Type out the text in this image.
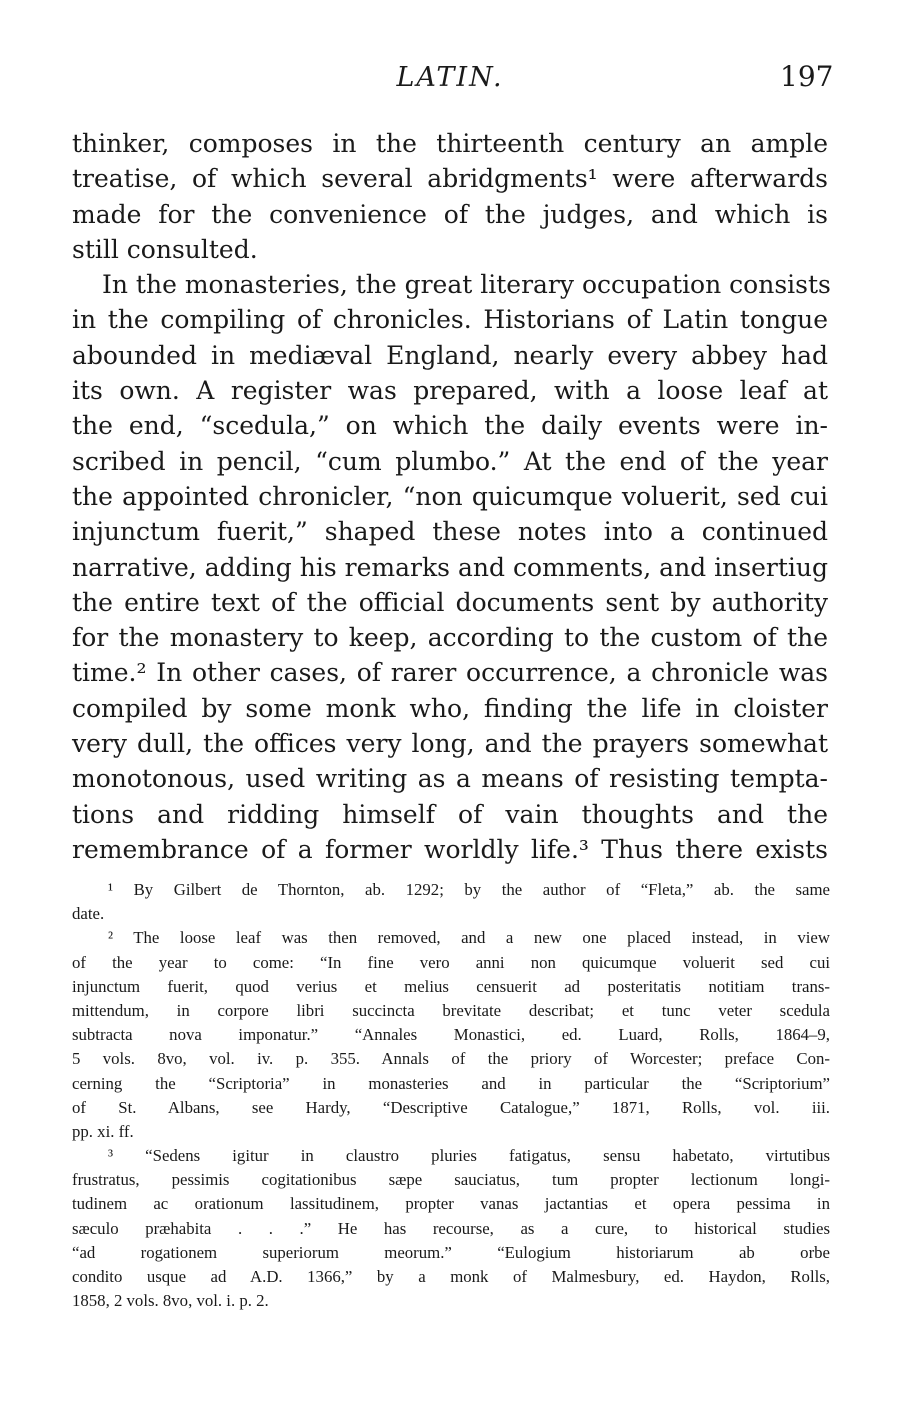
LATIN.	197
thinker, composes in the thirteenth century an ample
treatise, of which several abridgments¹ were afterwards
made for the convenience of the judges, and which is
still consulted.
In the monasteries, the great literary occupation consists
in the compiling of chronicles. Historians of Latin tongue
abounded in mediæval England, nearly every abbey had
its own. A register was prepared, with a loose leaf at
the end, “scedula,” on which the daily events were in-
scribed in pencil, “cum plumbo.” At the end of the year
the appointed chronicler, “non quicumque voluerit, sed cui
injunctum fuerit,” shaped these notes into a continued
narrative, adding his remarks and comments, and insertiug
the entire text of the official documents sent by authority
for the monastery to keep, according to the custom of the
time.² In other cases, of rarer occurrence, a chronicle was
compiled by some monk who, finding the life in cloister
very dull, the offices very long, and the prayers somewhat
monotonous, used writing as a means of resisting tempta-
tions and ridding himself of vain thoughts and the
remembrance of a former worldly life.³ Thus there exists
¹ By Gilbert de Thornton, ab. 1292; by the author of “Fleta,” ab. the same
date.
² The loose leaf was then removed, and a new one placed instead, in view
of the year to come: “In fine vero anni non quicumque voluerit sed cui
injunctum fuerit, quod verius et melius censuerit ad posteritatis notitiam trans-
mittendum, in corpore libri succincta brevitate describat; et tunc veter scedula
subtracta nova imponatur.” “Annales Monastici, ed. Luard, Rolls, 1864–9,
5 vols. 8vo, vol. iv. p. 355. Annals of the priory of Worcester; preface Con-
cerning the “Scriptoria” in monasteries and in particular the “Scriptorium”
of St. Albans, see Hardy, “Descriptive Catalogue,” 1871, Rolls, vol. iii.
pp. xi. ff.
³ “Sedens igitur in claustro pluries fatigatus, sensu habetato, virtutibus
frustratus, pessimis cogitationibus sæpe sauciatus, tum propter lectionum longi-
tudinem ac orationum lassitudinem, propter vanas jactantias et opera pessima in
sæculo præhabita . . .” He has recourse, as a cure, to historical studies
“ad rogationem superiorum meorum.” “Eulogium historiarum ab orbe
condito usque ad A.D. 1366,” by a monk of Malmesbury, ed. Haydon, Rolls,
1858, 2 vols. 8vo, vol. i. p. 2.
